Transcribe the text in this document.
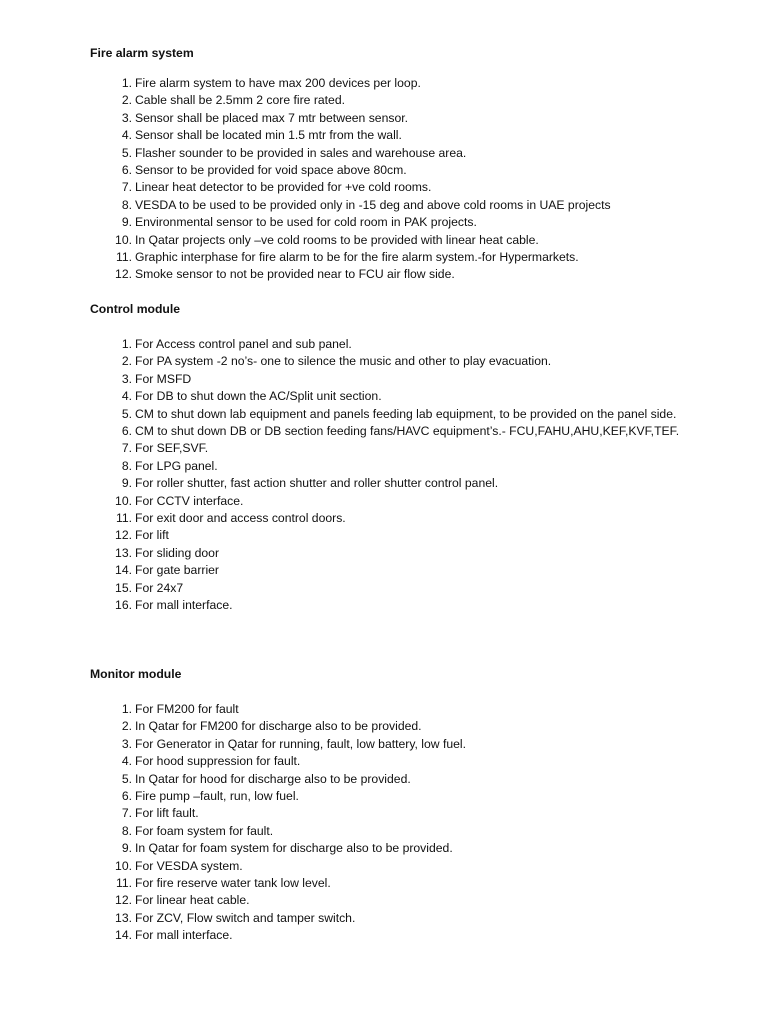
Fire alarm system
1. Fire alarm system to have max 200 devices per loop.
2. Cable shall be 2.5mm 2 core fire rated.
3. Sensor shall be placed max 7 mtr between sensor.
4. Sensor shall be located min 1.5 mtr from the wall.
5. Flasher sounder to be provided in sales and warehouse area.
6. Sensor to be provided for void space above 80cm.
7. Linear heat detector to be provided for +ve cold rooms.
8. VESDA to be used to be provided only in -15 deg and above cold rooms in UAE projects
9. Environmental sensor to be used for cold room in PAK projects.
10. In Qatar projects only –ve cold rooms to be provided with linear heat cable.
11. Graphic interphase for fire alarm to be for the fire alarm system.-for Hypermarkets.
12. Smoke sensor to not be provided near to FCU air flow side.
Control module
1. For Access control panel and sub panel.
2. For PA system -2 no’s- one to silence the music and other to play evacuation.
3. For MSFD
4. For DB to shut down the AC/Split unit section.
5. CM to shut down lab equipment and panels feeding lab equipment, to be provided on the panel side.
6. CM to shut down DB or DB section feeding fans/HAVC equipment’s.- FCU,FAHU,AHU,KEF,KVF,TEF.
7. For SEF,SVF.
8. For LPG panel.
9. For roller shutter, fast action shutter and roller shutter control panel.
10. For CCTV interface.
11. For exit door and access control doors.
12. For lift
13. For sliding door
14. For gate barrier
15. For 24x7
16. For mall interface.
Monitor module
1. For FM200 for fault
2. In Qatar for FM200 for discharge also to be provided.
3. For Generator in Qatar for running, fault, low battery, low fuel.
4. For hood suppression for fault.
5. In Qatar for hood for discharge also to be provided.
6. Fire pump –fault, run, low fuel.
7. For lift fault.
8. For foam system for fault.
9. In Qatar for foam system for discharge also to be provided.
10. For VESDA system.
11. For fire reserve water tank low level.
12. For linear heat cable.
13. For ZCV, Flow switch and tamper switch.
14. For mall interface.
